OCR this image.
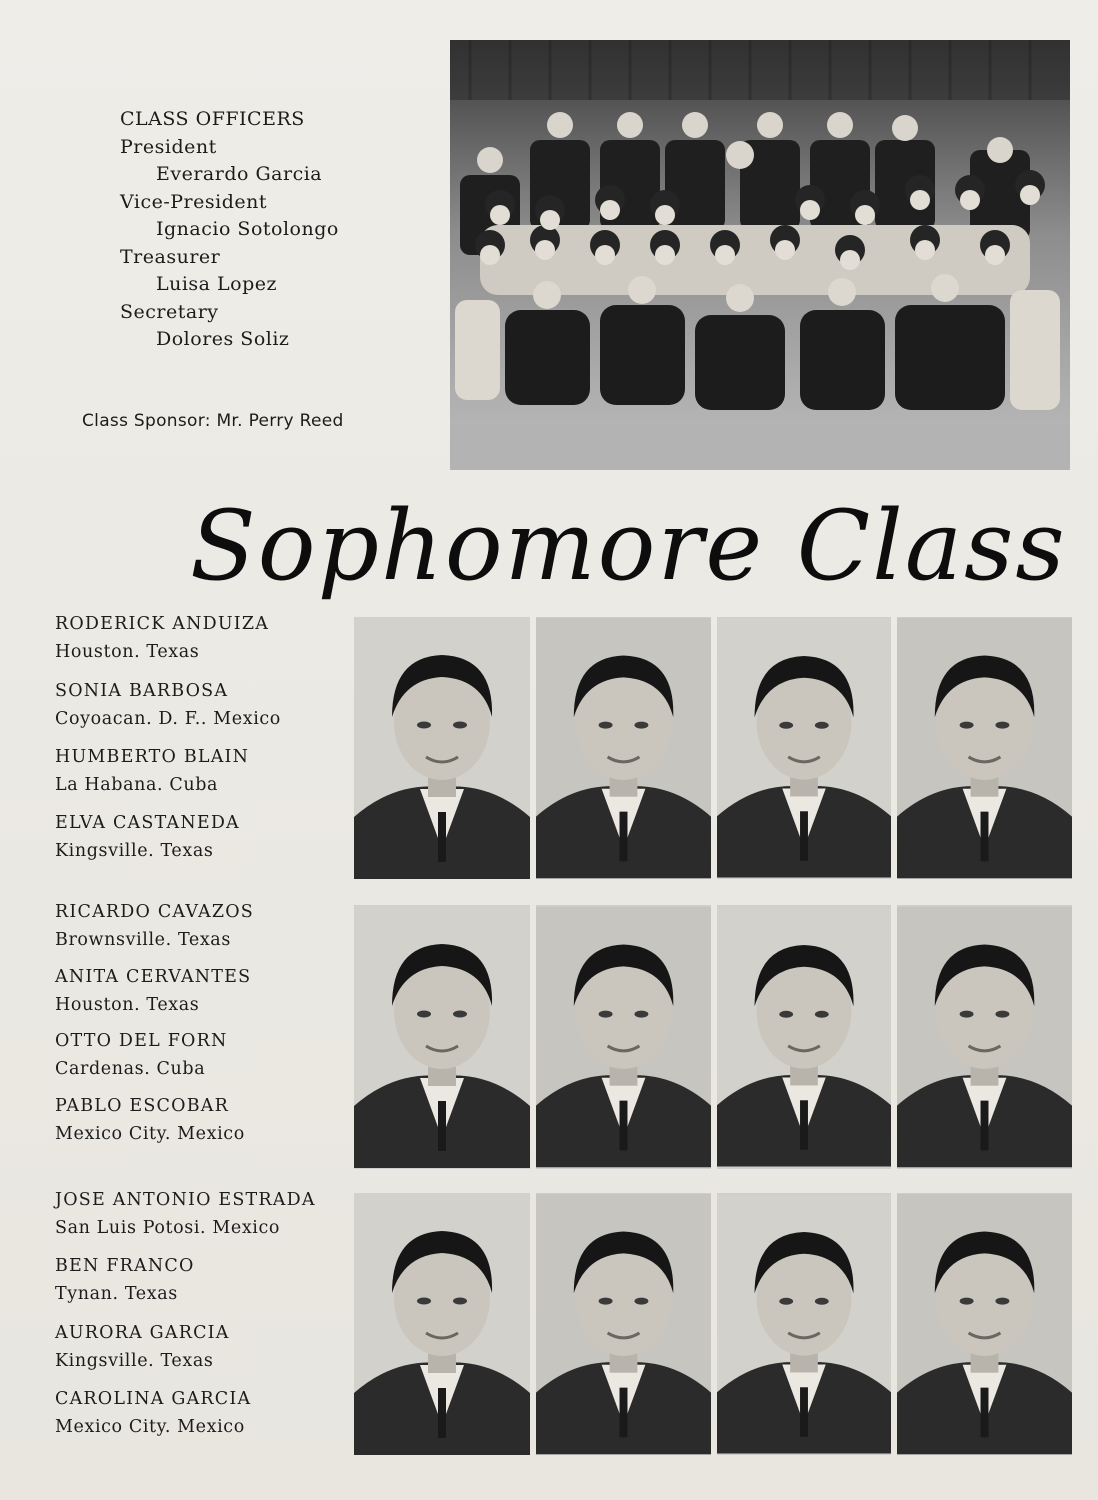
CLASS OFFICERS
President
Everardo Garcia
Vice-President
Ignacio Sotolongo
Treasurer
Luisa Lopez
Secretary
Dolores Soliz
Class Sponsor: Mr. Perry Reed
Sophomore Class
RODERICK ANDUIZA
Houston. Texas
SONIA BARBOSA
Coyoacan. D. F.. Mexico
HUMBERTO BLAIN
La Habana. Cuba
ELVA CASTANEDA
Kingsville. Texas
RICARDO CAVAZOS
Brownsville. Texas
ANITA CERVANTES
Houston. Texas
OTTO DEL FORN
Cardenas. Cuba
PABLO ESCOBAR
Mexico City. Mexico
JOSE ANTONIO ESTRADA
San Luis Potosi. Mexico
BEN FRANCO
Tynan. Texas
AURORA GARCIA
Kingsville. Texas
CAROLINA GARCIA
Mexico City. Mexico
